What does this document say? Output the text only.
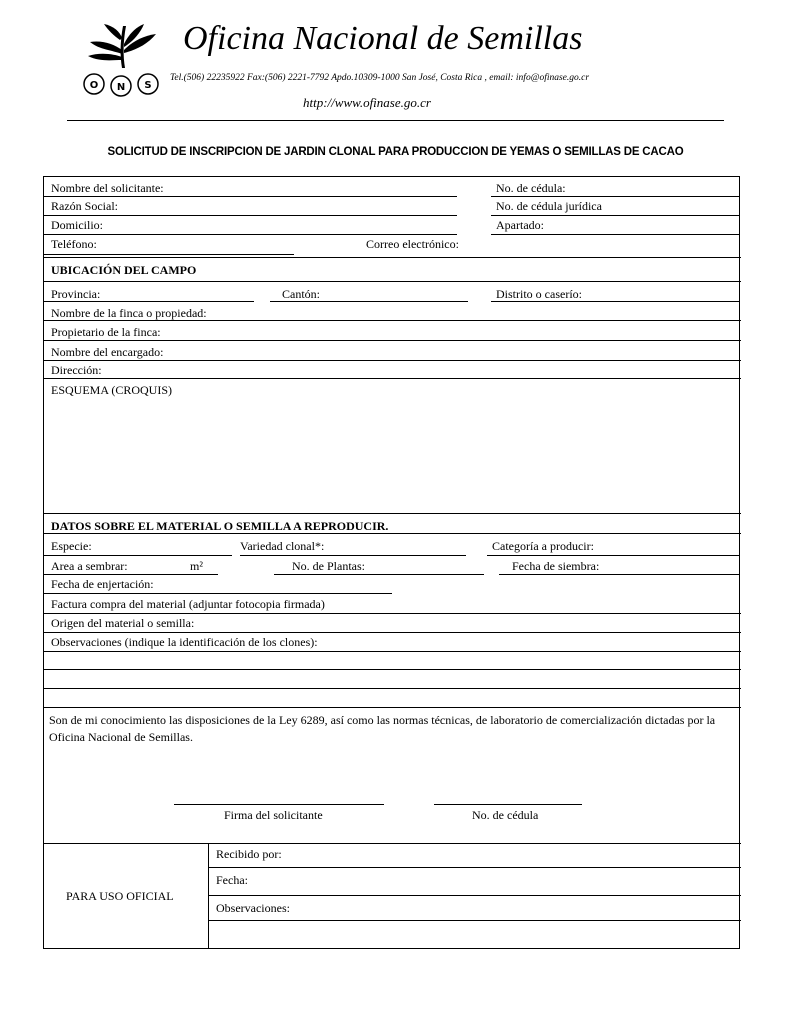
O N S
Oficina Nacional de Semillas
Tel.(506) 22235922 Fax:(506) 2221-7792 Apdo.10309-1000 San José, Costa Rica , email: info@ofinase.go.cr
http://www.ofinase.go.cr
SOLICITUD DE INSCRIPCION DE JARDIN CLONAL PARA PRODUCCION DE YEMAS O SEMILLAS DE CACAO
Nombre del solicitante:	No. de cédula:
Razón Social:	No. de cédula jurídica
Domicilio:	Apartado:
Teléfono:	Correo electrónico:
UBICACIÓN DEL CAMPO
Provincia:	Cantón:	Distrito o caserío:
Nombre de la finca o propiedad:
Propietario de la finca:
Nombre del encargado:
Dirección:
ESQUEMA (CROQUIS)
DATOS SOBRE EL MATERIAL O SEMILLA A REPRODUCIR.
Especie:	Variedad clonal*:	Categoría a producir:
Area a sembrar:	m²	No. de Plantas:	Fecha de siembra:
Fecha de enjertación:
Factura compra del material (adjuntar fotocopia firmada)
Origen del material o semilla:
Observaciones (indique la identificación de los clones):
Firma del solicitante	No. de cédula
PARA USO OFICIAL
Recibido por:
Fecha:
Observaciones:
Son de mi conocimiento las disposiciones de la Ley 6289, así como las normas técnicas, de laboratorio de comercialización dictadas por la Oficina Nacional de Semillas.
